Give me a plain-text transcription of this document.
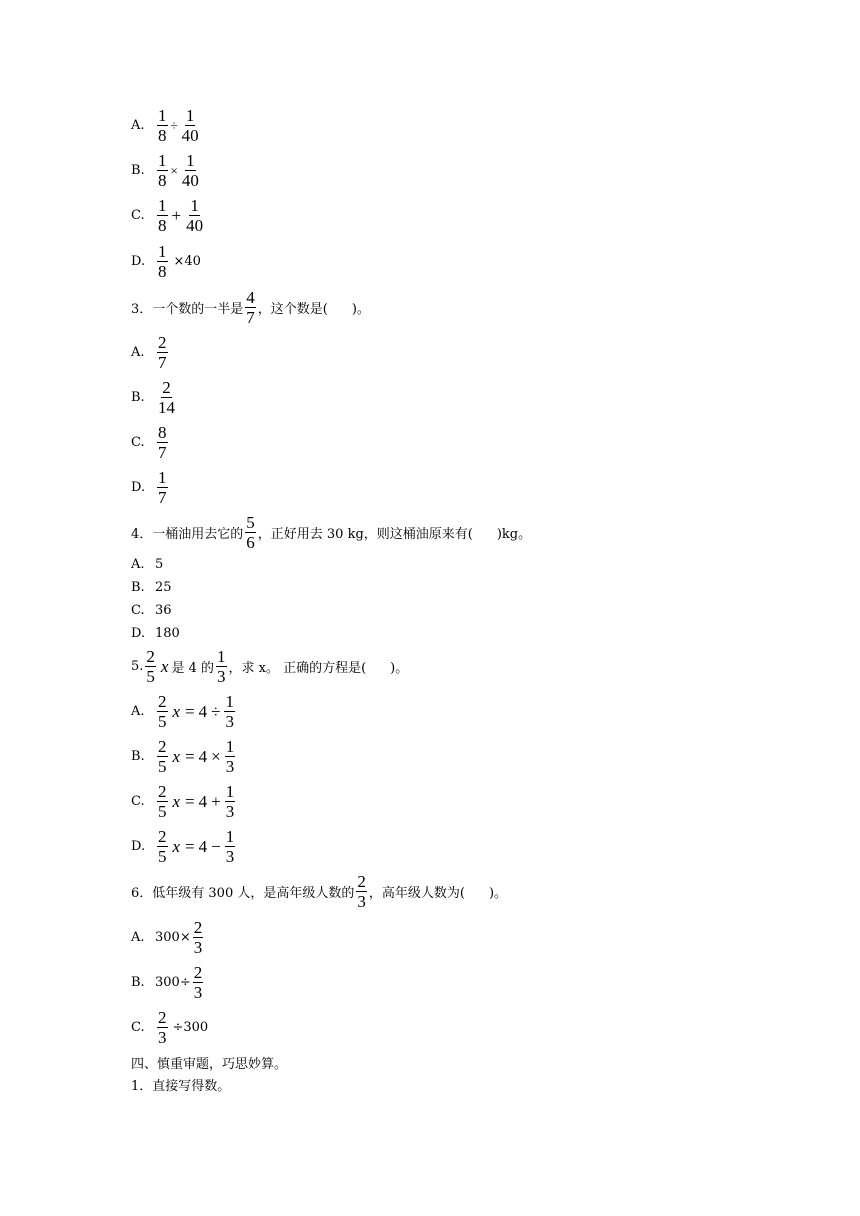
A. $\frac{1}{8} \div \frac{1}{40}$
B. $\frac{1}{8} \times \frac{1}{40}$
C. $\frac{1}{8} + \frac{1}{40}$
D. $\frac{1}{8} \times 40$
3．一个数的一半是 $\frac{4}{7}$ ，这个数是( )。
A. $\frac{2}{7}$
B. $\frac{2}{14}$
C. $\frac{8}{7}$
D. $\frac{1}{7}$
4．一桶油用去它的 $\frac{5}{6}$ ，正好用去 30 kg，则这桶油原来有( )kg。
A. 5
B. 25
C. 36
D. 180
5. $\frac{2}{5}$ x 是 4 的 $\frac{1}{3}$ ，求 x。 正确的方程是( )。
A. $\frac{2}{5}$ $x = 4 \div \frac{1}{3}$
B. $\frac{2}{5}$ $x = 4 \times \frac{1}{3}$
C. $\frac{2}{5}$ $x = 4 + \frac{1}{3}$
D. $\frac{2}{5}$ $x = 4 - \frac{1}{3}$
6．低年级有 300 人，是高年级人数的 $\frac{2}{3}$ ，高年级人数为( )。
A. $300\times \frac{2}{3}$
B. $300\div \frac{2}{3}$
C. $\frac{2}{3} \div 300$
四、慎重审题，巧思妙算。
1．直接写得数。
